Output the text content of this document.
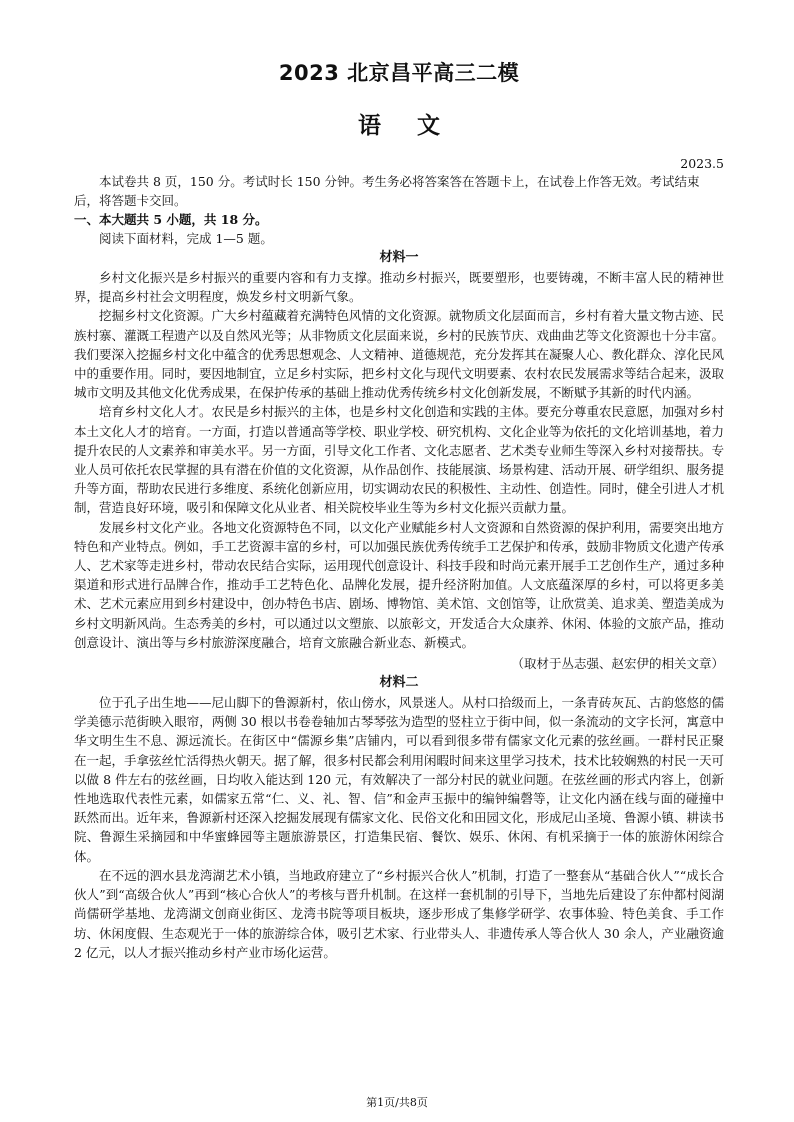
2023 北京昌平高三二模
语文
2023.5

本试卷共 8 页，150 分。考试时长 150 分钟。考生务必将答案答在答题卡上，在试卷上作答无效。考试结束后，将答题卡交回。

一、本大题共 5 小题，共 18 分。

阅读下面材料，完成 1—5 题。

材料一

乡村文化振兴是乡村振兴的重要内容和有力支撑。推动乡村振兴，既要塑形，也要铸魂，不断丰富人民的精神世界，提高乡村社会文明程度，焕发乡村文明新气象。

挖掘乡村文化资源。广大乡村蕴藏着充满特色风情的文化资源。就物质文化层面而言，乡村有着大量文物古迹、民族村寨、灌溉工程遗产以及自然风光等；从非物质文化层面来说，乡村的民族节庆、戏曲曲艺等文化资源也十分丰富。我们要深入挖掘乡村文化中蕴含的优秀思想观念、人文精神、道德规范，充分发挥其在凝聚人心、教化群众、淳化民风中的重要作用。同时，要因地制宜，立足乡村实际，把乡村文化与现代文明要素、农村农民发展需求等结合起来，汲取城市文明及其他文化优秀成果，在保护传承的基础上推动优秀传统乡村文化创新发展，不断赋予其新的时代内涵。

培育乡村文化人才。农民是乡村振兴的主体，也是乡村文化创造和实践的主体。要充分尊重农民意愿，加强对乡村本土文化人才的培育。一方面，打造以普通高等学校、职业学校、研究机构、文化企业等为依托的文化培训基地，着力提升农民的人文素养和审美水平。另一方面，引导文化工作者、文化志愿者、艺术类专业师生等深入乡村对接帮扶。专业人员可依托农民掌握的具有潜在价值的文化资源，从作品创作、技能展演、场景构建、活动开展、研学组织、服务提升等方面，帮助农民进行多维度、系统化创新应用，切实调动农民的积极性、主动性、创造性。同时，健全引进人才机制，营造良好环境，吸引和保障文化从业者、相关院校毕业生等为乡村文化振兴贡献力量。

发展乡村文化产业。各地文化资源特色不同，以文化产业赋能乡村人文资源和自然资源的保护利用，需要突出地方特色和产业特点。例如，手工艺资源丰富的乡村，可以加强民族优秀传统手工艺保护和传承，鼓励非物质文化遗产传承人、艺术家等走进乡村，带动农民结合实际，运用现代创意设计、科技手段和时尚元素开展手工艺创作生产，通过多种渠道和形式进行品牌合作，推动手工艺特色化、品牌化发展，提升经济附加值。人文底蕴深厚的乡村，可以将更多美术、艺术元素应用到乡村建设中，创办特色书店、剧场、博物馆、美术馆、文创馆等，让欣赏美、追求美、塑造美成为乡村文明新风尚。生态秀美的乡村，可以通过以文塑旅、以旅彰文，开发适合大众康养、休闲、体验的文旅产品，推动创意设计、演出等与乡村旅游深度融合，培育文旅融合新业态、新模式。

（取材于丛志强、赵宏伊的相关文章）

材料二

位于孔子出生地——尼山脚下的鲁源新村，依山傍水，风景迷人。从村口拾级而上，一条青砖灰瓦、古韵悠悠的儒学美德示范街映入眼帘，两侧 30 根以书卷卷轴加古琴琴弦为造型的竖柱立于街中间，似一条流动的文字长河，寓意中华文明生生不息、源远流长。在街区中“儒源乡集”店铺内，可以看到很多带有儒家文化元素的弦丝画。一群村民正聚在一起，手拿弦丝忙活得热火朝天。据了解，很多村民都会利用闲暇时间来这里学习技术，技术比较娴熟的村民一天可以做 8 件左右的弦丝画，日均收入能达到 120 元，有效解决了一部分村民的就业问题。在弦丝画的形式内容上，创新性地选取代表性元素，如儒家五常“仁、义、礼、智、信”和金声玉振中的编钟编磬等，让文化内涵在线与面的碰撞中跃然而出。近年来，鲁源新村还深入挖掘发展现有儒家文化、民俗文化和田园文化，形成尼山圣境、鲁源小镇、耕读书院、鲁源生采摘园和中华蜜蜂园等主题旅游景区，打造集民宿、餐饮、娱乐、休闲、有机采摘于一体的旅游休闲综合体。

在不远的泗水县龙湾湖艺术小镇，当地政府建立了“乡村振兴合伙人”机制，打造了一整套从“基础合伙人”“成长合伙人”到“高级合伙人”再到“核心合伙人”的考核与晋升机制。在这样一套机制的引导下，当地先后建设了东仲都村阅湖尚儒研学基地、龙湾湖文创商业街区、龙湾书院等项目板块，逐步形成了集修学研学、农事体验、特色美食、手工作坊、休闲度假、生态观光于一体的旅游综合体，吸引艺术家、行业带头人、非遗传承人等合伙人 30 余人，产业融资逾 2 亿元，以人才振兴推动乡村产业市场化运营。

第1页/共8页
